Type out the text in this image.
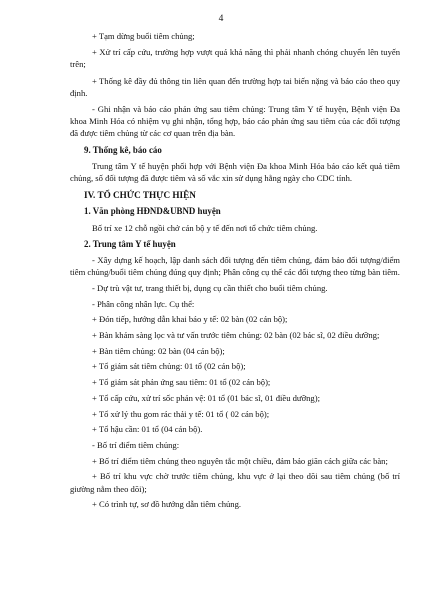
4

+ Tạm dừng buổi tiêm chủng;

+ Xử trí cấp cứu, trường hợp vượt quá khả năng thì phải nhanh chóng chuyển lên tuyến trên;

+ Thống kê đầy đủ thông tin liên quan đến trường hợp tai biến nặng và báo cáo theo quy định.

- Ghi nhận và báo cáo phản ứng sau tiêm chủng: Trung tâm Y tế huyện, Bệnh viện Đa khoa Minh Hóa có nhiệm vụ ghi nhận, tổng hợp, báo cáo phản ứng sau tiêm của các đối tượng đã được tiêm chủng từ các cơ quan trên địa bàn.

9. Thống kê, báo cáo

Trung tâm Y tế huyện phối hợp với Bệnh viện Đa khoa Minh Hóa báo cáo kết quả tiêm chủng, số đối tượng đã được tiêm và số vắc xin sử dụng hằng ngày cho CDC tỉnh.

IV. TỔ CHỨC THỰC HIỆN
1. Văn phòng HĐND&UBND huyện

Bố trí xe 12 chỗ ngồi chở cán bộ y tế đến nơi tổ chức tiêm chủng.

2. Trung tâm Y tế huyện

- Xây dựng kế hoạch, lập danh sách đối tượng đến tiêm chủng, đảm bảo đối tượng/điểm tiêm chủng/buổi tiêm chủng đúng quy định; Phân công cụ thể các đối tượng theo từng bàn tiêm.

- Dự trù vật tư, trang thiết bị, dụng cụ cần thiết cho buổi tiêm chủng.

- Phân công nhân lực. Cụ thể:

+ Đón tiếp, hướng dẫn khai báo y tế: 02 bàn (02 cán bộ);

+ Bàn khám sàng lọc và tư vấn trước tiêm chủng: 02 bàn (02 bác sĩ, 02 điều dưỡng;

+ Bàn tiêm chủng: 02 bàn (04 cán bộ);

+ Tổ giám sát tiêm chủng: 01 tổ (02 cán bộ);

+ Tổ giám sát phản ứng sau tiêm: 01 tổ (02 cán bộ);

+ Tổ cấp cứu, xử trí sốc phản vệ: 01 tổ (01 bác sĩ, 01 điều dưỡng);

+ Tổ xử lý thu gom rác thải y tế: 01 tổ ( 02 cán bộ);

+ Tổ hậu cần: 01 tổ (04 cán bộ).

- Bố trí điểm tiêm chủng:

+ Bố trí điểm tiêm chủng theo nguyên tắc một chiều, đảm bảo giãn cách giữa các bàn;

+ Bố trí khu vực chờ trước tiêm chủng, khu vực ở lại theo dõi sau tiêm chủng (bố trí giường nằm theo dõi);

+ Có trình tự, sơ đồ hướng dẫn tiêm chủng.
